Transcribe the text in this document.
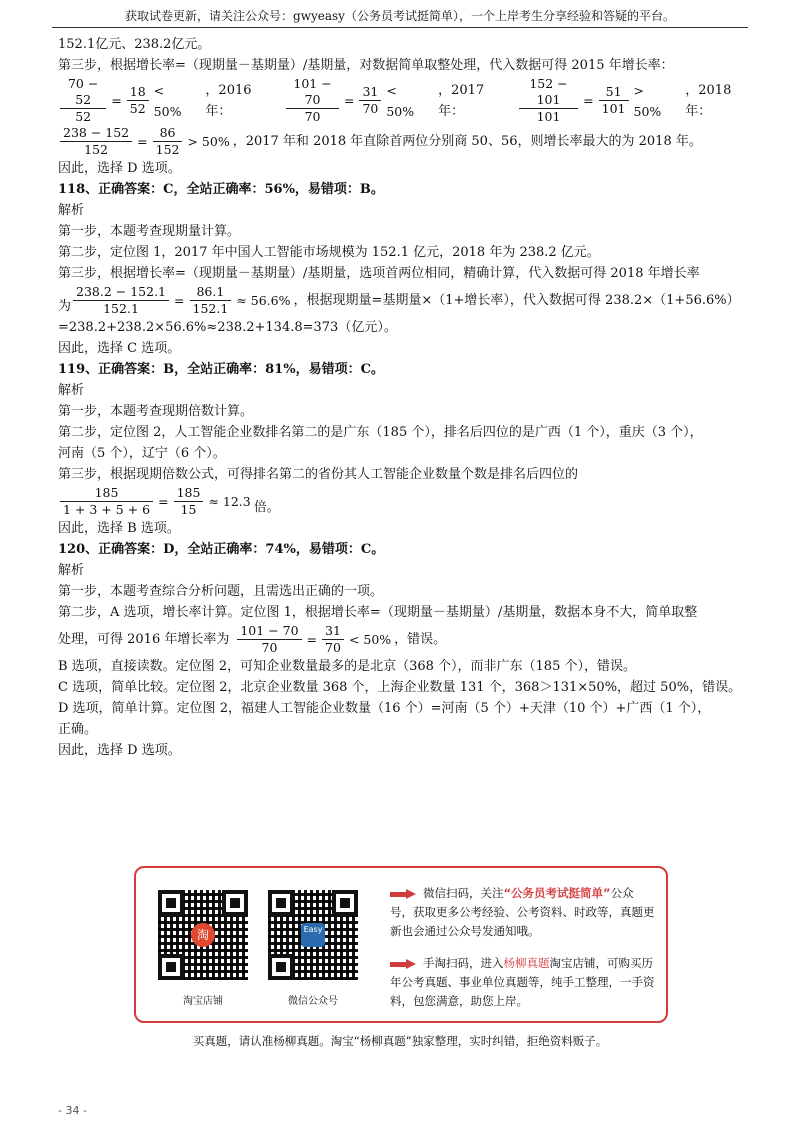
获取试卷更新，请关注公众号：gwyeasy（公务员考试挺简单），一个上岸考生分享经验和答疑的平台。
152.1亿元、238.2亿元。
第三步，根据增长率=（现期量－基期量）/基期量，对数据简单取整处理，代入数据可得 2015 年增长率：
$\frac{70 - 52}{52} = \frac{18}{52} < 50\%$
，2016 年：	$\frac{101 - 70}{70} = \frac{31}{70} < 50\%$
，2017 年：	$\frac{152 - 101}{101} = \frac{51}{101} > 50\%$
，2018 年：
$\frac{238 - 152}{152} = \frac{86}{152} > 50\%$ ，2017 年和 2018 年直除首两位分别商 50、56，则增长率最大的为 2018 年。
因此，选择 D 选项。
118、正确答案：C，全站正确率：56%，易错项：B。
解析
第一步，本题考查现期量计算。
第二步，定位图 1，2017 年中国人工智能市场规模为 152.1 亿元，2018 年为 238.2 亿元。
第三步，根据增长率=（现期量－基期量）/基期量，选项首两位相同，精确计算，代入数据可得 2018 年增长率
为 $\frac{238.2 - 152.1}{152.1} = \frac{86.1}{152.1} \approx 56.6\%$ ，根据现期量=基期量×（1+增长率），代入数据可得 238.2×（1+56.6%）
=238.2+238.2×56.6%≈238.2+134.8=373（亿元）。
因此，选择 C 选项。
119、正确答案：B，全站正确率：81%，易错项：C。
解析
第一步，本题考查现期倍数计算。
第二步，定位图 2，人工智能企业数排名第二的是广东（185 个），排名后四位的是广西（1 个），重庆（3 个），
河南（5 个），辽宁（6 个）。
第三步，根据现期倍数公式，可得排名第二的省份其人工智能企业数量个数是排名后四位的
$\frac{185}{1 + 3 + 5 + 6} = \frac{185}{15} \approx 12.3$ 倍。
因此，选择 B 选项。
120、正确答案：D，全站正确率：74%，易错项：C。
解析
第一步，本题考查综合分析问题，且需选出正确的一项。
第二步，A 选项，增长率计算。定位图 1，根据增长率=（现期量－基期量）/基期量，数据本身不大，简单取整
处理，可得 2016 年增长率为 $\frac{101 - 70}{70} = \frac{31}{70} < 50\%$ ，错误。
B 选项，直接读数。定位图 2，可知企业数量最多的是北京（368 个），而非广东（185 个），错误。
C 选项，简单比较。定位图 2，北京企业数量 368 个，上海企业数量 131 个，368＞131×50%，超过 50%，错误。
D 选项，简单计算。定位图 2，福建人工智能企业数量（16 个）=河南（5 个）+天津（10 个）+广西（1 个），
正确。
因此，选择 D 选项。
淘
淘宝店铺
Easy
微信公众号
微信扫码，关注“公务员考试挺简单”公众号，获取更多公考经验、公考资料、时政等，真题更新也会通过公众号发通知哦。
手淘扫码，进入杨柳真题淘宝店铺，可购买历年公考真题、事业单位真题等，纯手工整理，一手资料，包您满意，助您上岸。
买真题，请认准杨柳真题。淘宝“杨柳真题”独家整理，实时纠错，拒绝资料贩子。
- 34 -
